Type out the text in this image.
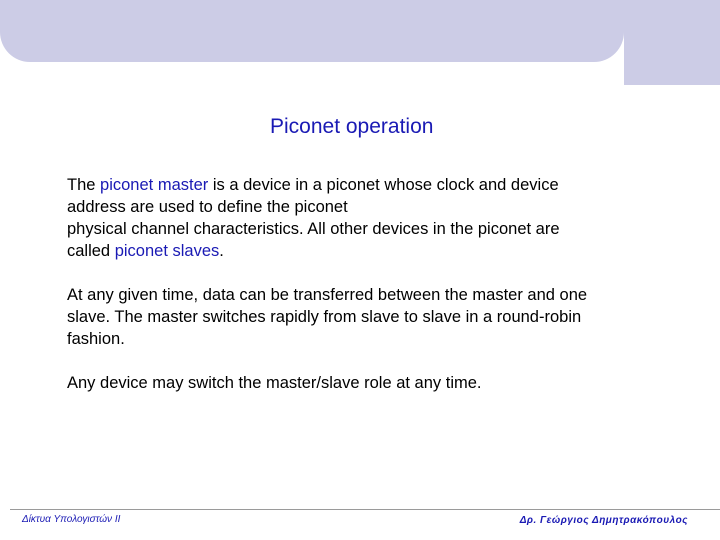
Piconet operation

The piconet master is a device in a piconet whose clock and device
address are used to define the piconet
physical channel characteristics. All other devices in the piconet are
called piconet slaves.

At any given time, data can be transferred between the master and one
slave. The master switches rapidly from slave to slave in a round-robin
fashion.

Any device may switch the master/slave role at any time.

Δίκτυα Υπολογιστών ΙΙ	Δρ. Γεώργιος Δημητρακόπουλος
